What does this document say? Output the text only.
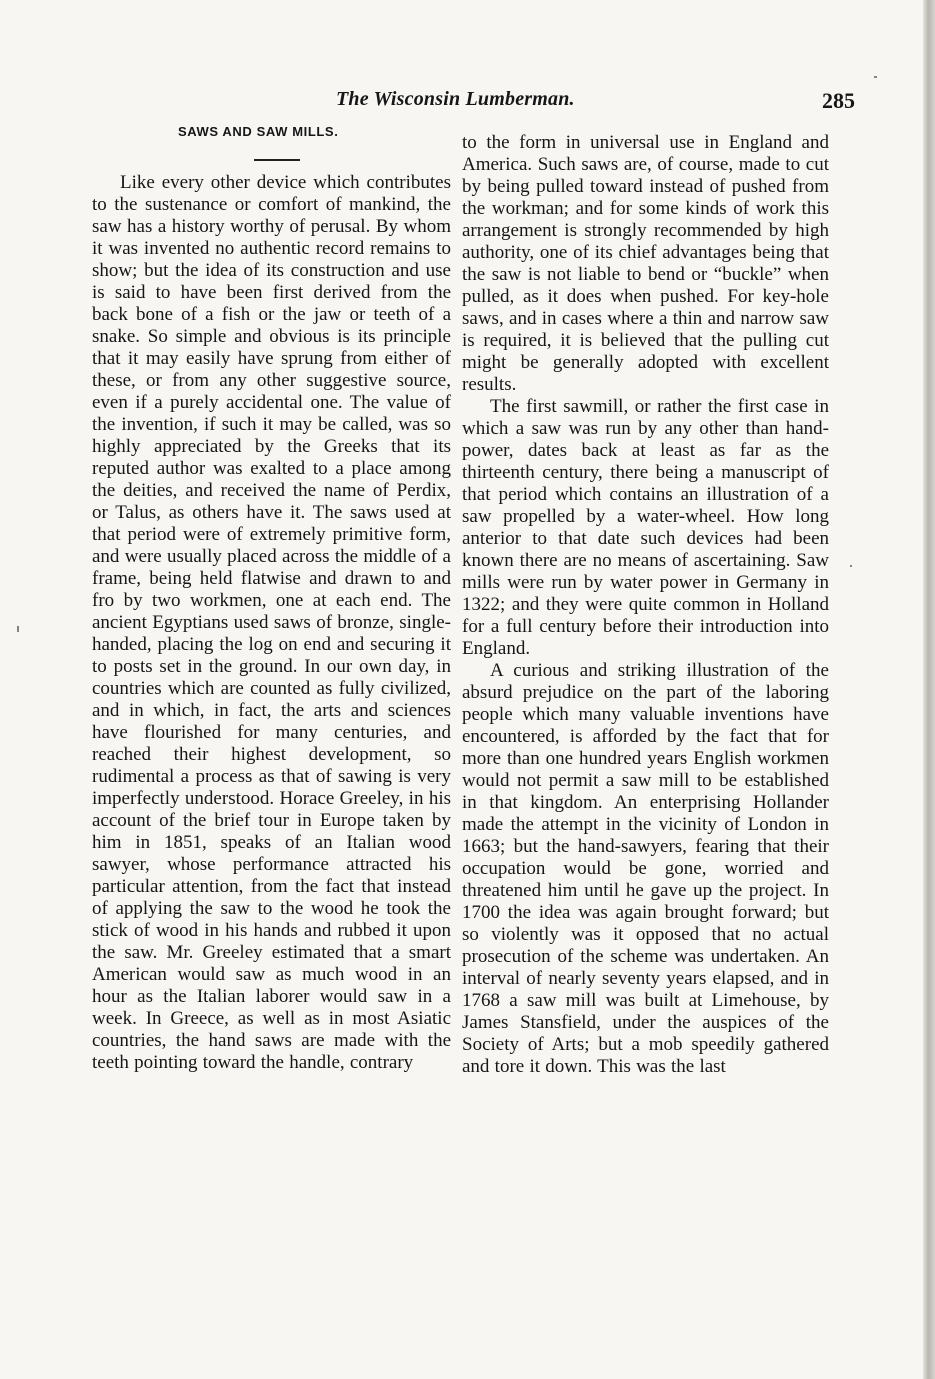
The Wisconsin Lumberman.	285
SAWS AND SAW MILLS.

Like every other device which contributes to the sustenance or comfort of mankind, the saw has a history worthy of perusal. By whom it was invented no authentic record remains to show; but the idea of its construction and use is said to have been first derived from the back bone of a fish or the jaw or teeth of a snake. So simple and obvious is its principle that it may easily have sprung from either of these, or from any other suggestive source, even if a purely accidental one. The value of the invention, if such it may be called, was so highly appreciated by the Greeks that its reputed author was exalted to a place among the deities, and received the name of Perdix, or Talus, as others have it. The saws used at that period were of extremely primitive form, and were usually placed across the middle of a frame, being held flatwise and drawn to and fro by two workmen, one at each end. The ancient Egyptians used saws of bronze, single-handed, placing the log on end and securing it to posts set in the ground. In our own day, in countries which are counted as fully civilized, and in which, in fact, the arts and sciences have flourished for many centuries, and reached their highest development, so rudimental a process as that of sawing is very imperfectly understood. Horace Greeley, in his account of the brief tour in Europe taken by him in 1851, speaks of an Italian wood sawyer, whose performance attracted his particular attention, from the fact that instead of applying the saw to the wood he took the stick of wood in his hands and rubbed it upon the saw. Mr. Greeley estimated that a smart American would saw as much wood in an hour as the Italian laborer would saw in a week. In Greece, as well as in most Asiatic countries, the hand saws are made with the teeth pointing toward the handle, contrary

to the form in universal use in England and America. Such saws are, of course, made to cut by being pulled toward instead of pushed from the workman; and for some kinds of work this arrangement is strongly recommended by high authority, one of its chief advantages being that the saw is not liable to bend or “buckle” when pulled, as it does when pushed. For key-hole saws, and in cases where a thin and narrow saw is required, it is believed that the pulling cut might be generally adopted with excellent results.

The first sawmill, or rather the first case in which a saw was run by any other than hand-power, dates back at least as far as the thirteenth century, there being a manuscript of that period which contains an illustration of a saw propelled by a water-wheel. How long anterior to that date such devices had been known there are no means of ascertaining. Saw mills were run by water power in Germany in 1322; and they were quite common in Holland for a full century before their introduction into England.

A curious and striking illustration of the absurd prejudice on the part of the laboring people which many valuable inventions have encountered, is afforded by the fact that for more than one hundred years English workmen would not permit a saw mill to be established in that kingdom. An enterprising Hollander made the attempt in the vicinity of London in 1663; but the hand-sawyers, fearing that their occupation would be gone, worried and threatened him until he gave up the project. In 1700 the idea was again brought forward; but so violently was it opposed that no actual prosecution of the scheme was undertaken. An interval of nearly seventy years elapsed, and in 1768 a saw mill was built at Limehouse, by James Stansfield, under the auspices of the Society of Arts; but a mob speedily gathered and tore it down. This was the last
